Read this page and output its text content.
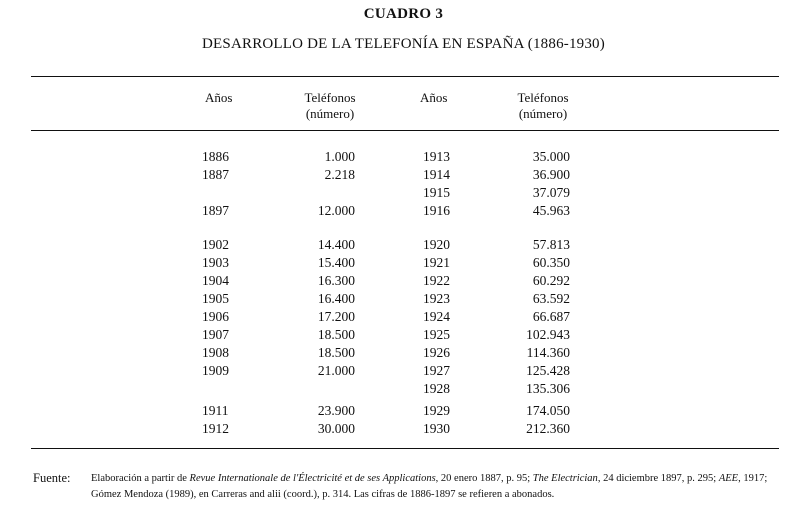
CUADRO 3
DESARROLLO DE LA TELEFONÍA EN ESPAÑA (1886-1930)
Años	Teléfonos
(número)
Años	Teléfonos
(número)
1886
1887
1897
1902
1903
1904
1905
1906
1907
1908
1909
1911
1912
1.000
2.218
12.000
14.400
15.400
16.300
16.400
17.200
18.500
18.500
21.000
23.900
30.000
1913
1914
1915
1916
1920
1921
1922
1923
1924
1925
1926
1927
1928
1929
1930
35.000
36.900
37.079
45.963
57.813
60.350
60.292
63.592
66.687
102.943
114.360
125.428
135.306
174.050
212.360
Fuente: Elaboración a partir de Revue Internationale de l'Électricité et de ses Applications, 20 enero 1887, p. 95; The Electrician, 24 diciembre 1897, p. 295; AEE, 1917; Gómez Mendoza (1989), en Carreras and alii (coord.), p. 314. Las cifras de 1886-1897 se refieren a abonados.
